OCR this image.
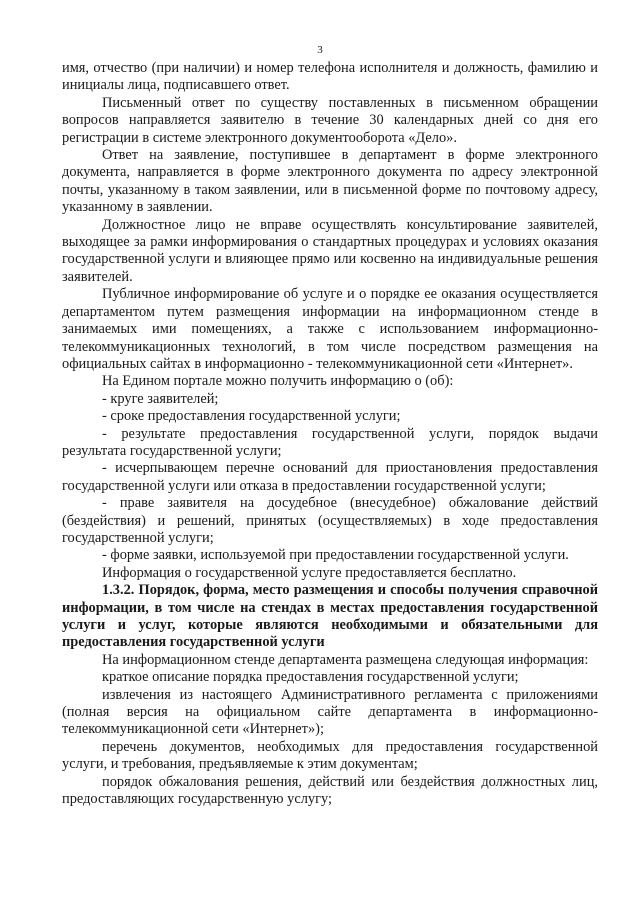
3

имя, отчество (при наличии) и номер телефона исполнителя и должность, фамилию и инициалы лица, подписавшего ответ.

Письменный ответ по существу поставленных в письменном обращении вопросов направляется заявителю в течение 30 календарных дней со дня его регистрации в системе электронного документооборота «Дело».

Ответ на заявление, поступившее в департамент в форме электронного документа, направляется в форме электронного документа по адресу электронной почты, указанному в таком заявлении, или в письменной форме по почтовому адресу, указанному в заявлении.

Должностное лицо не вправе осуществлять консультирование заявителей, выходящее за рамки информирования о стандартных процедурах и условиях оказания государственной услуги и влияющее прямо или косвенно на индивидуальные решения заявителей.

Публичное информирование об услуге и о порядке ее оказания осуществляется департаментом путем размещения информации на информационном стенде в занимаемых ими помещениях, а также с использованием информационно-телекоммуникационных технологий, в том числе посредством размещения на официальных сайтах в информационно - телекоммуникационной сети «Интернет».

На Едином портале можно получить информацию о (об):

- круге заявителей;

- сроке предоставления государственной услуги;

- результате предоставления государственной услуги, порядок выдачи результата государственной услуги;

- исчерпывающем перечне оснований для приостановления предоставления государственной услуги или отказа в предоставлении государственной услуги;

- праве заявителя на досудебное (внесудебное) обжалование действий (бездействия) и решений, принятых (осуществляемых) в ходе предоставления государственной услуги;

- форме заявки, используемой при предоставлении государственной услуги.

Информация о государственной услуге предоставляется бесплатно.

1.3.2. Порядок, форма, место размещения и способы получения справочной информации, в том числе на стендах в местах предоставления государственной услуги и услуг, которые являются необходимыми и обязательными для предоставления государственной услуги

На информационном стенде департамента размещена следующая информация:

краткое описание порядка предоставления государственной услуги;

извлечения из настоящего Административного регламента с приложениями (полная версия на официальном сайте департамента в информационно-телекоммуникационной сети «Интернет»);

перечень документов, необходимых для предоставления государственной услуги, и требования, предъявляемые к этим документам;

порядок обжалования решения, действий или бездействия должностных лиц, предоставляющих государственную услугу;
